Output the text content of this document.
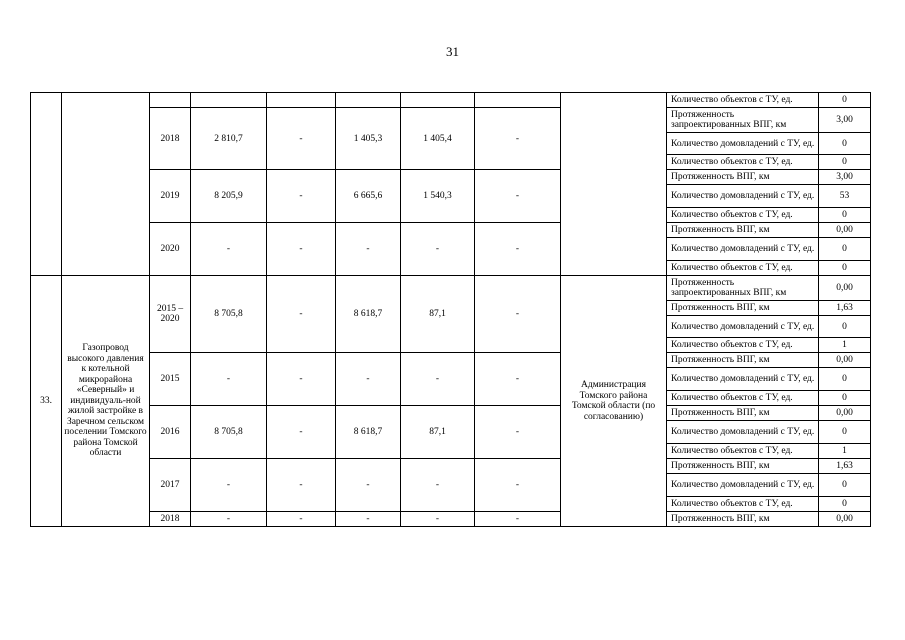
31
									Количество объектов с ТУ, ед.	0
		2018	2 810,7	-	1 405,3	1 405,4	-		Протяженность запроектированных ВПГ, км	3,00
									Количество домовладений с ТУ, ед.	0
									Количество объектов с ТУ, ед.	0
		2019	8 205,9	-	6 665,6	1 540,3	-		Протяженность ВПГ, км	3,00
									Количество домовладений с ТУ, ед.	53
									Количество объектов с ТУ, ед.	0
		2020	-	-	-	-	-		Протяженность ВПГ, км	0,00
									Количество домовладений с ТУ, ед.	0
									Количество объектов с ТУ, ед.	0
33.	Газопровод высокого давления к котельной микрорайона «Северный» и индивидуаль-ной жилой застройке в Заречном сельском поселении Томского района Томской области	2015 – 2020	8 705,8	-	8 618,7	87,1	-	Администрация Томского района Томской области (по согласованию)	Протяженность запроектированных ВПГ, км	0,00
									Протяженность ВПГ, км	1,63
									Количество домовладений с ТУ, ед.	0
									Количество объектов с ТУ, ед.	1
		2015	-	-	-	-	-		Протяженность ВПГ, км	0,00
									Количество домовладений с ТУ, ед.	0
									Количество объектов с ТУ, ед.	0
		2016	8 705,8	-	8 618,7	87,1	-		Протяженность ВПГ, км	0,00
									Количество домовладений с ТУ, ед.	0
									Количество объектов с ТУ, ед.	1
		2017	-	-	-	-	-		Протяженность ВПГ, км	1,63
									Количество домовладений с ТУ, ед.	0
									Количество объектов с ТУ, ед.	0
		2018	-	-	-	-	-		Протяженность ВПГ, км	0,00
